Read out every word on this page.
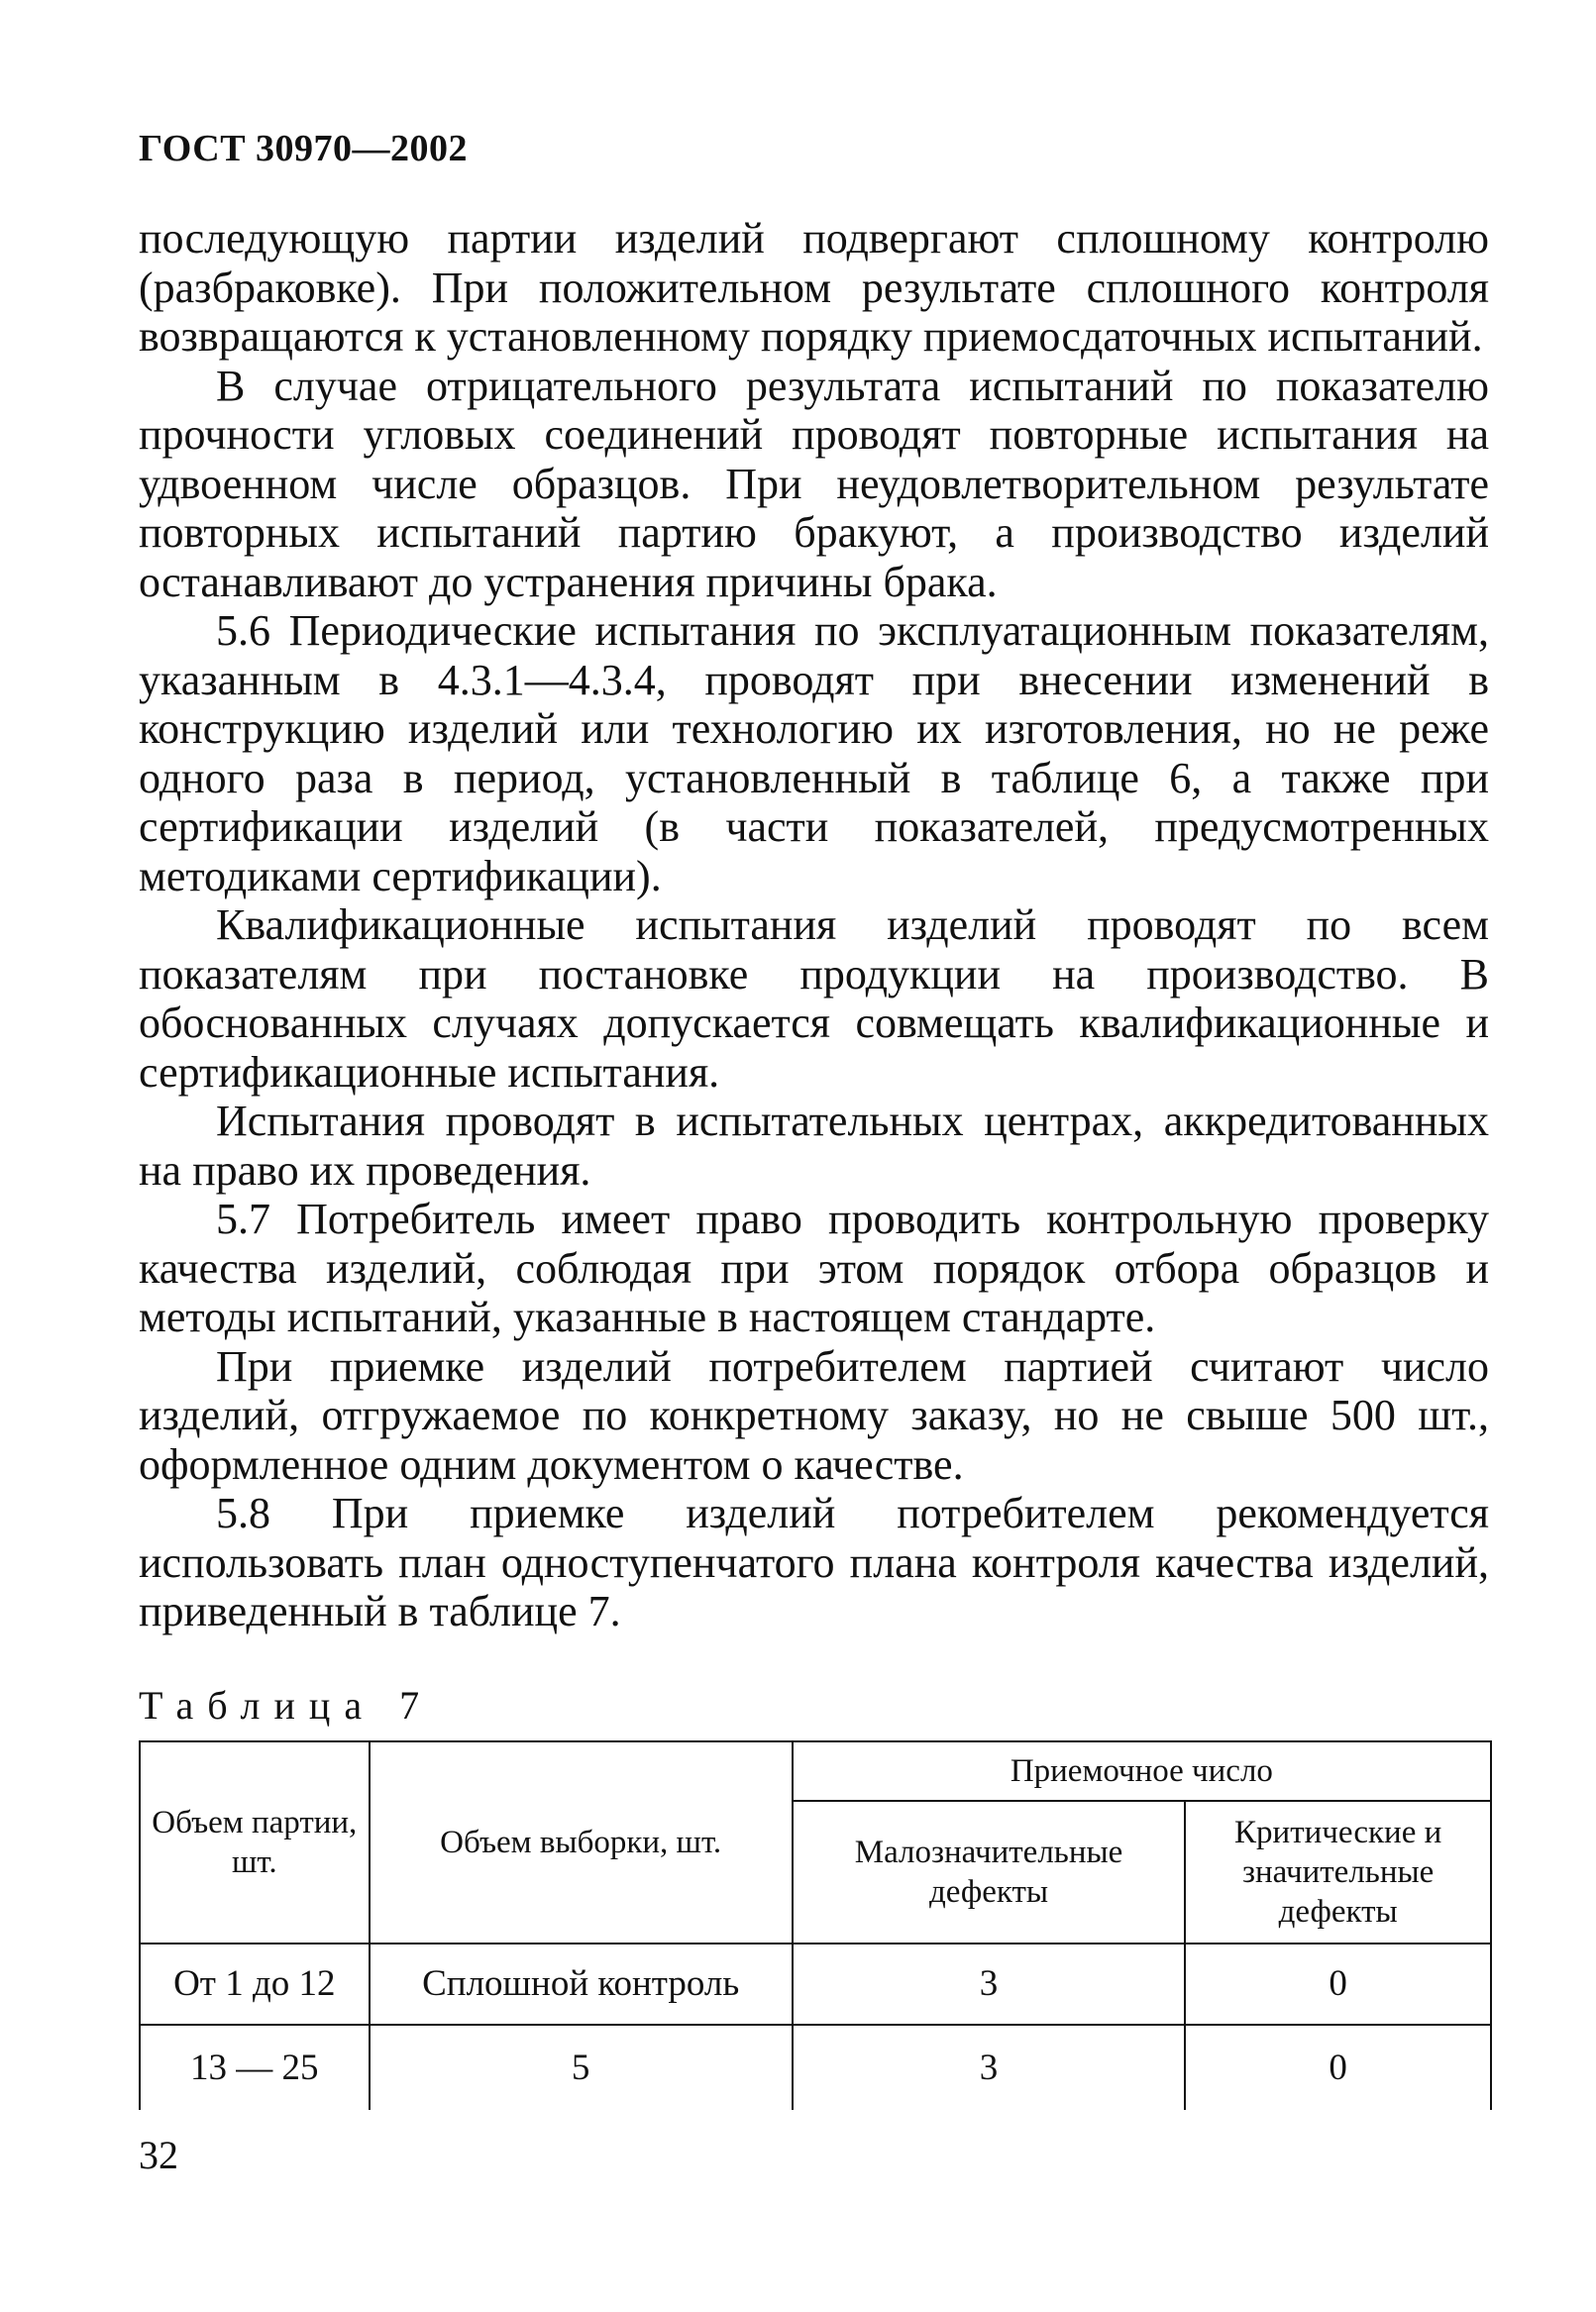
ГОСТ 30970—2002

последующую партии изделий подвергают сплошному контролю (разбраковке). При положительном результате сплошного контроля возвращаются к установленному порядку приемосдаточных испытаний.

В случае отрицательного результата испытаний по показателю прочности угловых соединений проводят повторные испытания на удвоенном числе образцов. При неудовлетворительном результате повторных испытаний партию бракуют, а производство изделий останавливают до устранения причины брака.

5.6 Периодические испытания по эксплуатационным показателям, указанным в 4.3.1—4.3.4, проводят при внесении изменений в конструкцию изделий или технологию их изготовления, но не реже одного раза в период, установленный в таблице 6, а также при сертификации изделий (в части показателей, предусмотренных методиками сертификации).

Квалификационные испытания изделий проводят по всем показателям при постановке продукции на производство. В обоснованных случаях допускается совмещать квалификационные и сертификационные испытания.

Испытания проводят в испытательных центрах, аккредитованных на право их проведения.

5.7 Потребитель имеет право проводить контрольную проверку качества изделий, соблюдая при этом порядок отбора образцов и методы испытаний, указанные в настоящем стандарте.

При приемке изделий потребителем партией считают число изделий, отгружаемое по конкретному заказу, но не свыше 500 шт., оформленное одним документом о качестве.

5.8 При приемке изделий потребителем рекомендуется использовать план одноступенчатого плана контроля качества изделий, приведенный в таблице 7.

Таблица 7
Объем партии, шт.	Объем выборки, шт.	Приемочное число	
		Малозначительные дефекты	Критические и значительные дефекты
От 1 до 12	Сплошной контроль	3	0
13 — 25	5	3	0
32
